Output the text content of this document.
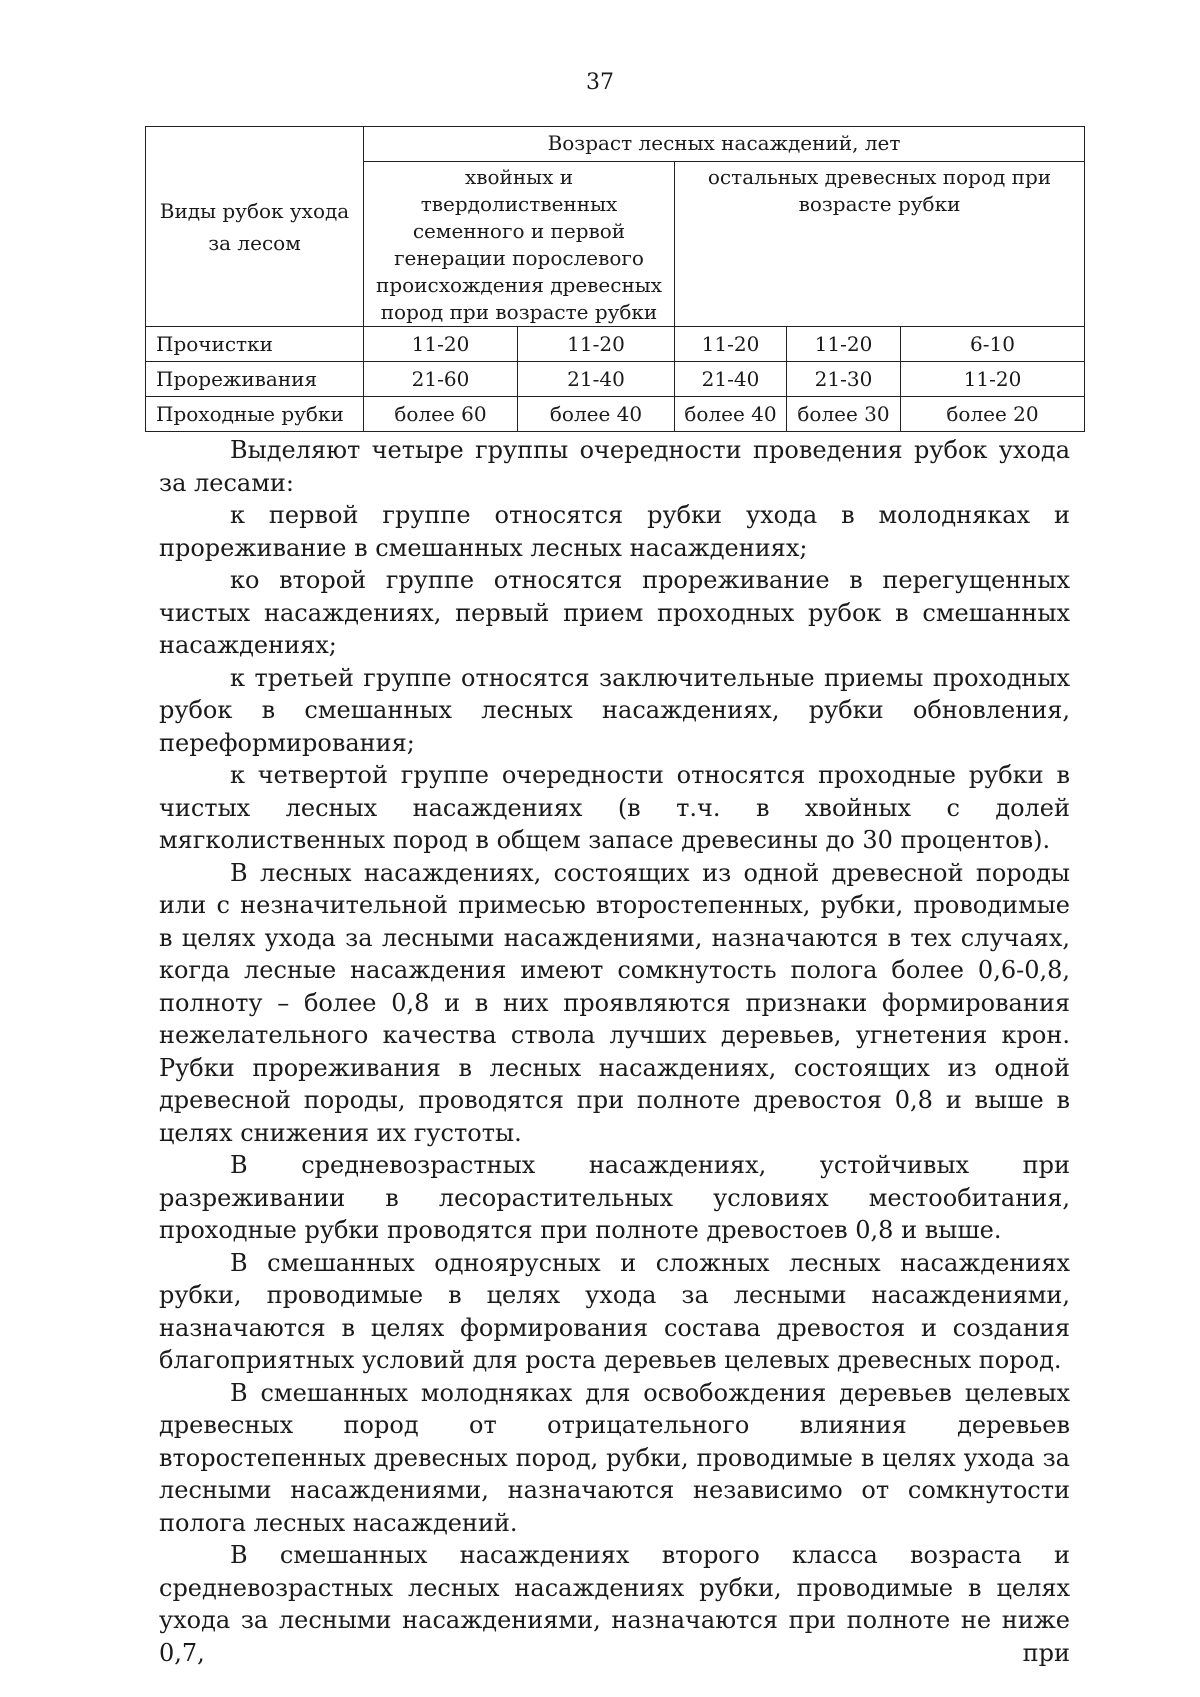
37
Виды рубок ухода за лесом	Возраст лесных насаждений, лет				
	хвойных и твердолиственных семенного и первой генерации порослевого происхождения древесных пород при возрасте рубки		остальных древесных пород при возрасте рубки		
Прочистки	11-20	11-20	11-20	11-20	6-10
Прореживания	21-60	21-40	21-40	21-30	11-20
Проходные рубки	более 60	более 40	более 40	более 30	более 20

Выделяют четыре группы очередности проведения рубок ухода за лесами:

к первой группе относятся рубки ухода в молодняках и прореживание в смешанных лесных насаждениях;

ко второй группе относятся прореживание в перегущенных чистых насаждениях, первый прием проходных рубок в смешанных насаждениях;

к третьей группе относятся заключительные приемы проходных рубок в смешанных лесных насаждениях, рубки обновления, переформирования;

к четвертой группе очередности относятся проходные рубки в чистых лесных насаждениях (в т.ч. в хвойных с долей мягколиственных пород в общем запасе древесины до 30 процентов).

В лесных насаждениях, состоящих из одной древесной породы или с незначительной примесью второстепенных, рубки, проводимые в целях ухода за лесными насаждениями, назначаются в тех случаях, когда лесные насаждения имеют сомкнутость полога более 0,6-0,8, полноту – более 0,8 и в них проявляются признаки формирования нежелательного качества ствола лучших деревьев, угнетения крон. Рубки прореживания в лесных насаждениях, состоящих из одной древесной породы, проводятся при полноте древостоя 0,8 и выше в целях снижения их густоты.

В средневозрастных насаждениях, устойчивых при разреживании в лесорастительных условиях местообитания, проходные рубки проводятся при полноте древостоев 0,8 и выше.

В смешанных одноярусных и сложных лесных насаждениях рубки, проводимые в целях ухода за лесными насаждениями, назначаются в целях формирования состава древостоя и создания благоприятных условий для роста деревьев целевых древесных пород.

В смешанных молодняках для освобождения деревьев целевых древесных пород от отрицательного влияния деревьев второстепенных древесных пород, рубки, проводимые в целях ухода за лесными насаждениями, назначаются независимо от сомкнутости полога лесных насаждений.

В смешанных насаждениях второго класса возраста и средневозрастных лесных насаждениях рубки, проводимые в целях ухода за лесными насаждениями, назначаются при полноте не ниже 0,7, при
